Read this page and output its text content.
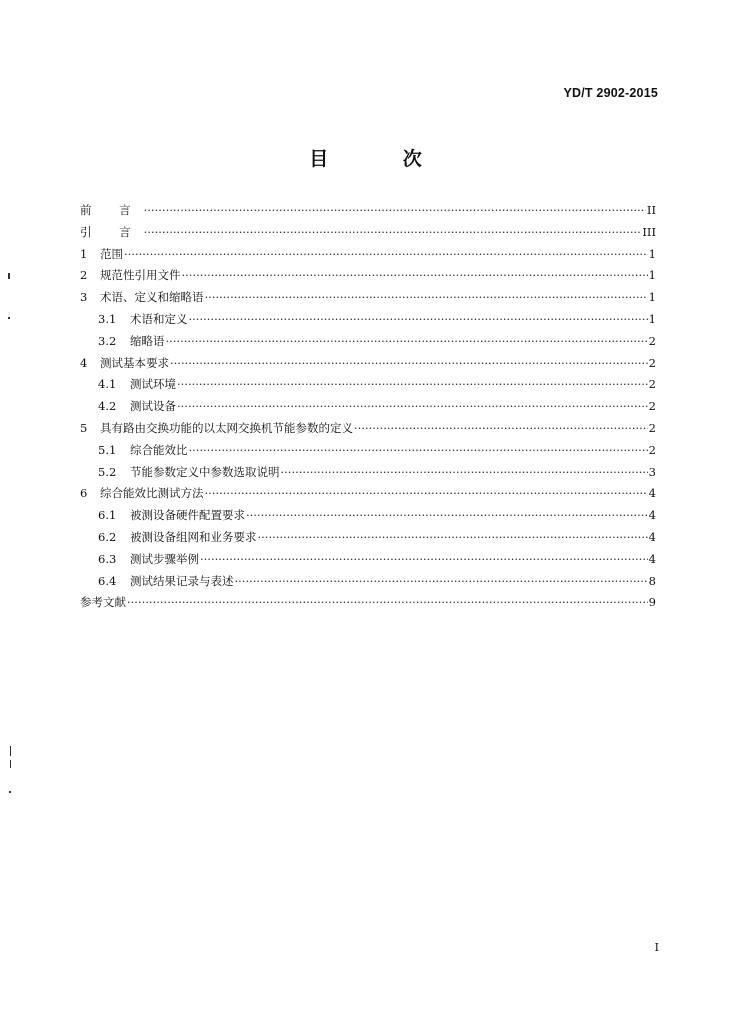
YD/T 2902-2015
目 次
前 言 ·····	II
引 言 ·····	III
1 范围 ·····	1
2 规范性引用文件 ·····	1
3 术语、定义和缩略语 ·····	1
3.1 术语和定义 ·····	1
3.2 缩略语 ·····	2
4 测试基本要求 ·····	2
4.1 测试环境 ·····	2
4.2 测试设备 ·····	2
5 具有路由交换功能的以太网交换机节能参数的定义 ·····	2
5.1 综合能效比 ·····	2
5.2 节能参数定义中参数选取说明 ·····	3
6 综合能效比测试方法 ·····	4
6.1 被测设备硬件配置要求 ·····	4
6.2 被测设备组网和业务要求 ·····	4
6.3 测试步骤举例 ·····	4
6.4 测试结果记录与表述 ·····	8
参考文献 ·····	9
I
